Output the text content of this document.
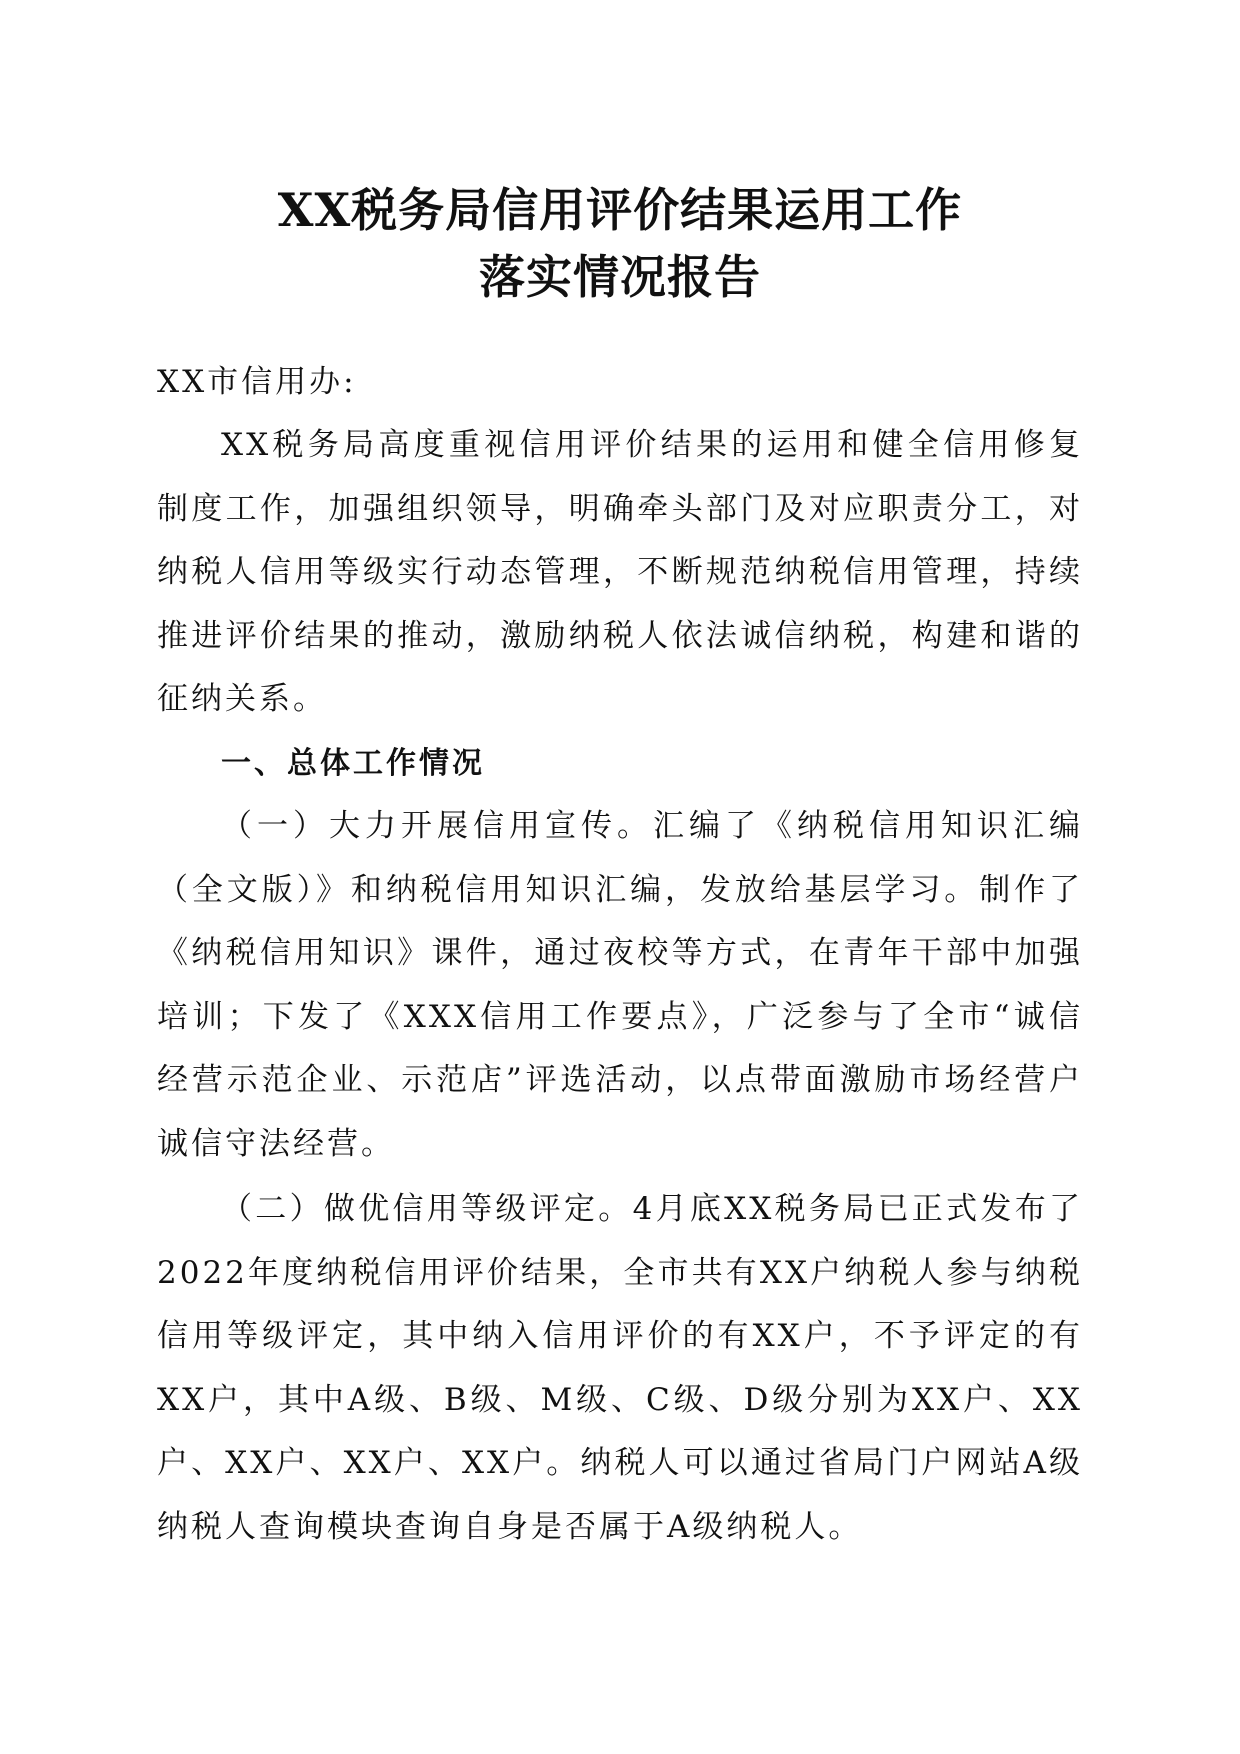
XX税务局信用评价结果运用工作
落实情况报告

XX市信用办:

XX税务局高度重视信用评价结果的运用和健全信用修复制度工作，加强组织领导，明确牵头部门及对应职责分工，对纳税人信用等级实行动态管理，不断规范纳税信用管理，持续推进评价结果的推动，激励纳税人依法诚信纳税，构建和谐的征纳关系。

一、总体工作情况

（一）大力开展信用宣传。汇编了《纳税信用知识汇编（全文版）》和纳税信用知识汇编，发放给基层学习。制作了《纳税信用知识》课件，通过夜校等方式，在青年干部中加强培训；下发了《XXX信用工作要点》，广泛参与了全市“诚信经营示范企业、示范店”评选活动，以点带面激励市场经营户诚信守法经营。

（二）做优信用等级评定。4月底XX税务局已正式发布了2022年度纳税信用评价结果，全市共有XX户纳税人参与纳税信用等级评定，其中纳入信用评价的有XX户，不予评定的有XX户，其中A级、B级、M级、C级、D级分别为XX户、XX户、XX户、XX户、XX户。纳税人可以通过省局门户网站A级纳税人查询模块查询自身是否属于A级纳税人。
